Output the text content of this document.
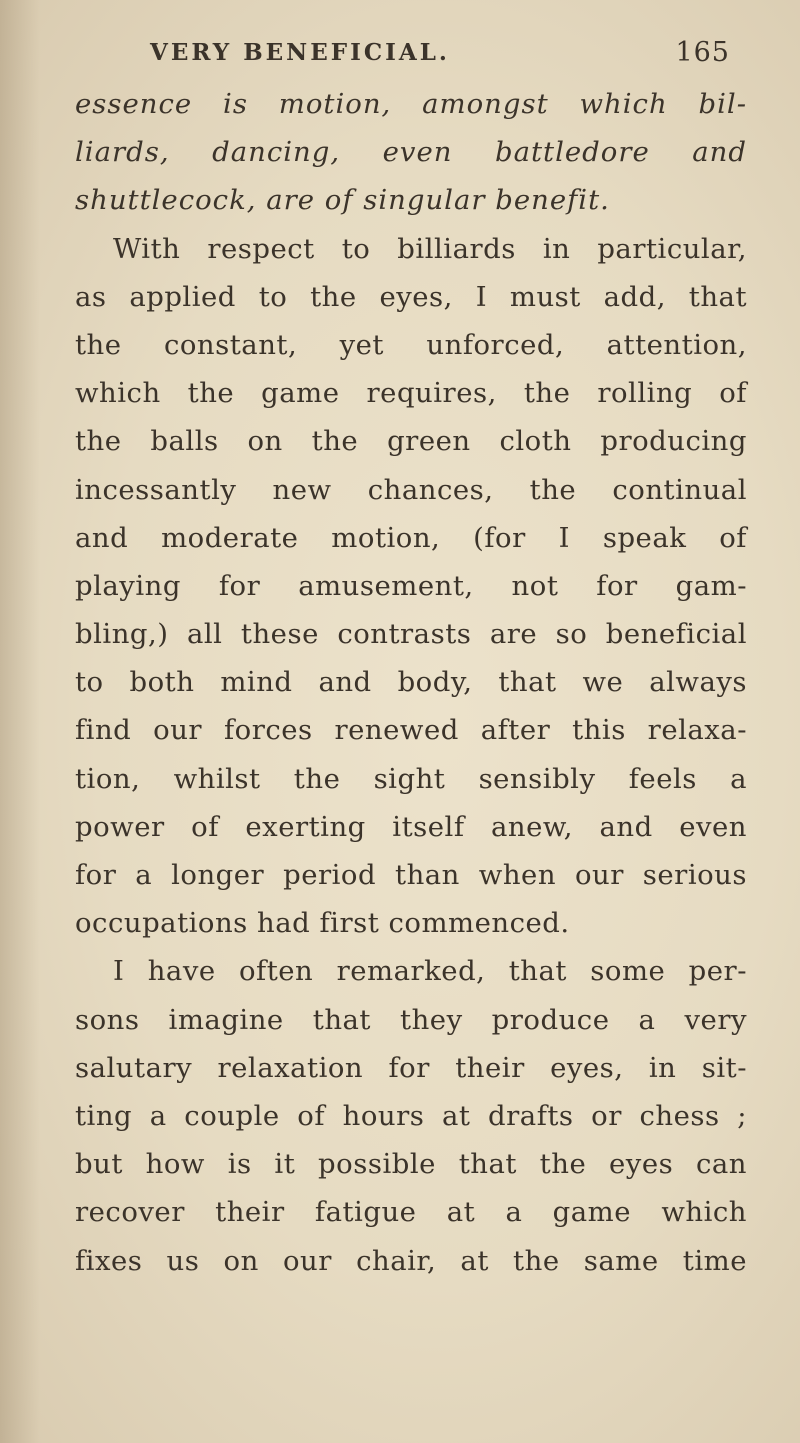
VERY BENEFICIAL.	165
essence is motion, amongst which bil-
liards, dancing, even battledore and
shuttlecock, are of singular benefit.
With respect to billiards in particular,
as applied to the eyes, I must add, that
the constant, yet unforced, attention,
which the game requires, the rolling of
the balls on the green cloth producing
incessantly new chances, the continual
and moderate motion, (for I speak of
playing for amusement, not for gam-
bling,) all these contrasts are so beneficial
to both mind and body, that we always
find our forces renewed after this relaxa-
tion, whilst the sight sensibly feels a
power of exerting itself anew, and even
for a longer period than when our serious
occupations had first commenced.
I have often remarked, that some per-
sons imagine that they produce a very
salutary relaxation for their eyes, in sit-
ting a couple of hours at drafts or chess ;
but how is it possible that the eyes can
recover their fatigue at a game which
fixes us on our chair, at the same time
